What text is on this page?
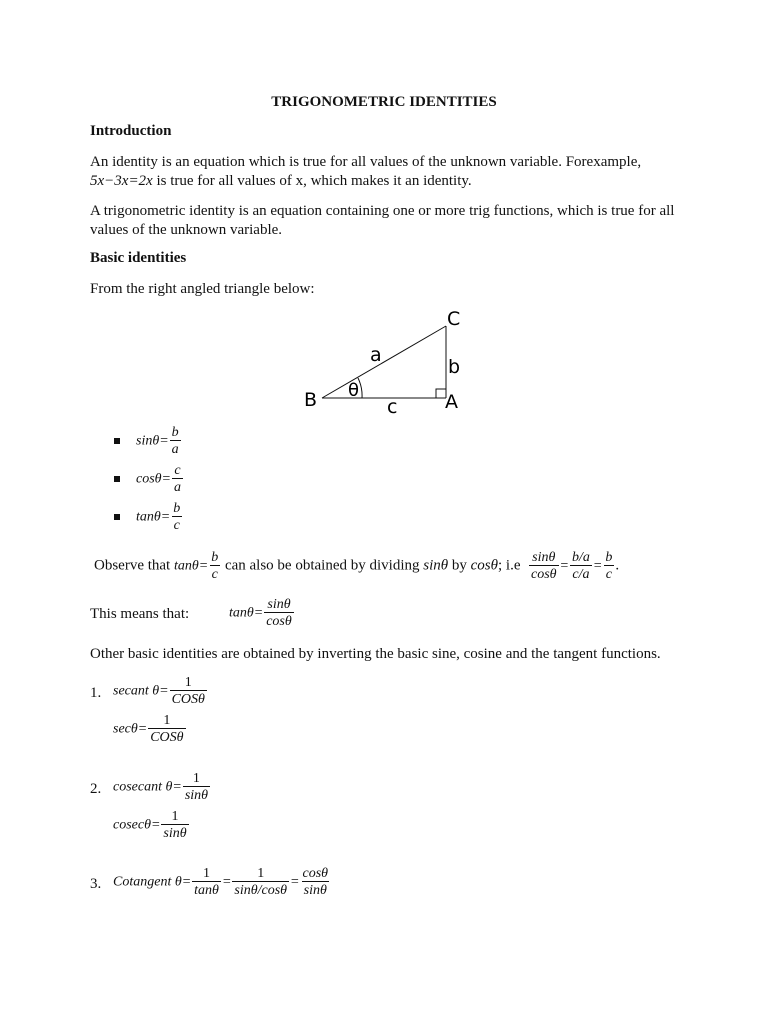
TRIGONOMETRIC IDENTITIES
Introduction
An identity is an equation which is true for all values of the unknown variable. Forexample,
5x−3x=2x is true for all values of x, which makes it an identity.
A trigonometric identity is an equation containing one or more trig functions, which is true for all values of the unknown variable.
Basic identities
From the right angled triangle below:
B	A
C
a
b
c
θ
$\sin\theta= \frac{b}{a}$
$\cos\theta= \frac{c}{a}$
$\tan\theta= \frac{b}{c}$
Observe that $\tan\theta= \frac{b}{c}$ can also be obtained by dividing sinθ by cosθ; $i.e \frac{\sin\theta}{\cos\theta} = \frac{b/a}{c/a} = \frac{b}{c}$ .
This means that:	$\tan\theta= \frac{\sin\theta}{\cos\theta}$
Other basic identities are obtained by inverting the basic sine, cosine and the tangent functions.
1. secant $\theta= \frac{1}{\text{COSθ}}$
$\sec\theta= \frac{1}{\text{COSθ}}$
2. cosecant $\theta= \frac{1}{\sin\theta}$
$cosec\theta= \frac{1}{\sin\theta}$
3. Cotangent $\theta= \frac{1}{\tan\theta} = \frac{1}{\sin\theta/\cos\theta} = \frac{\cos\theta}{\sin\theta}$
